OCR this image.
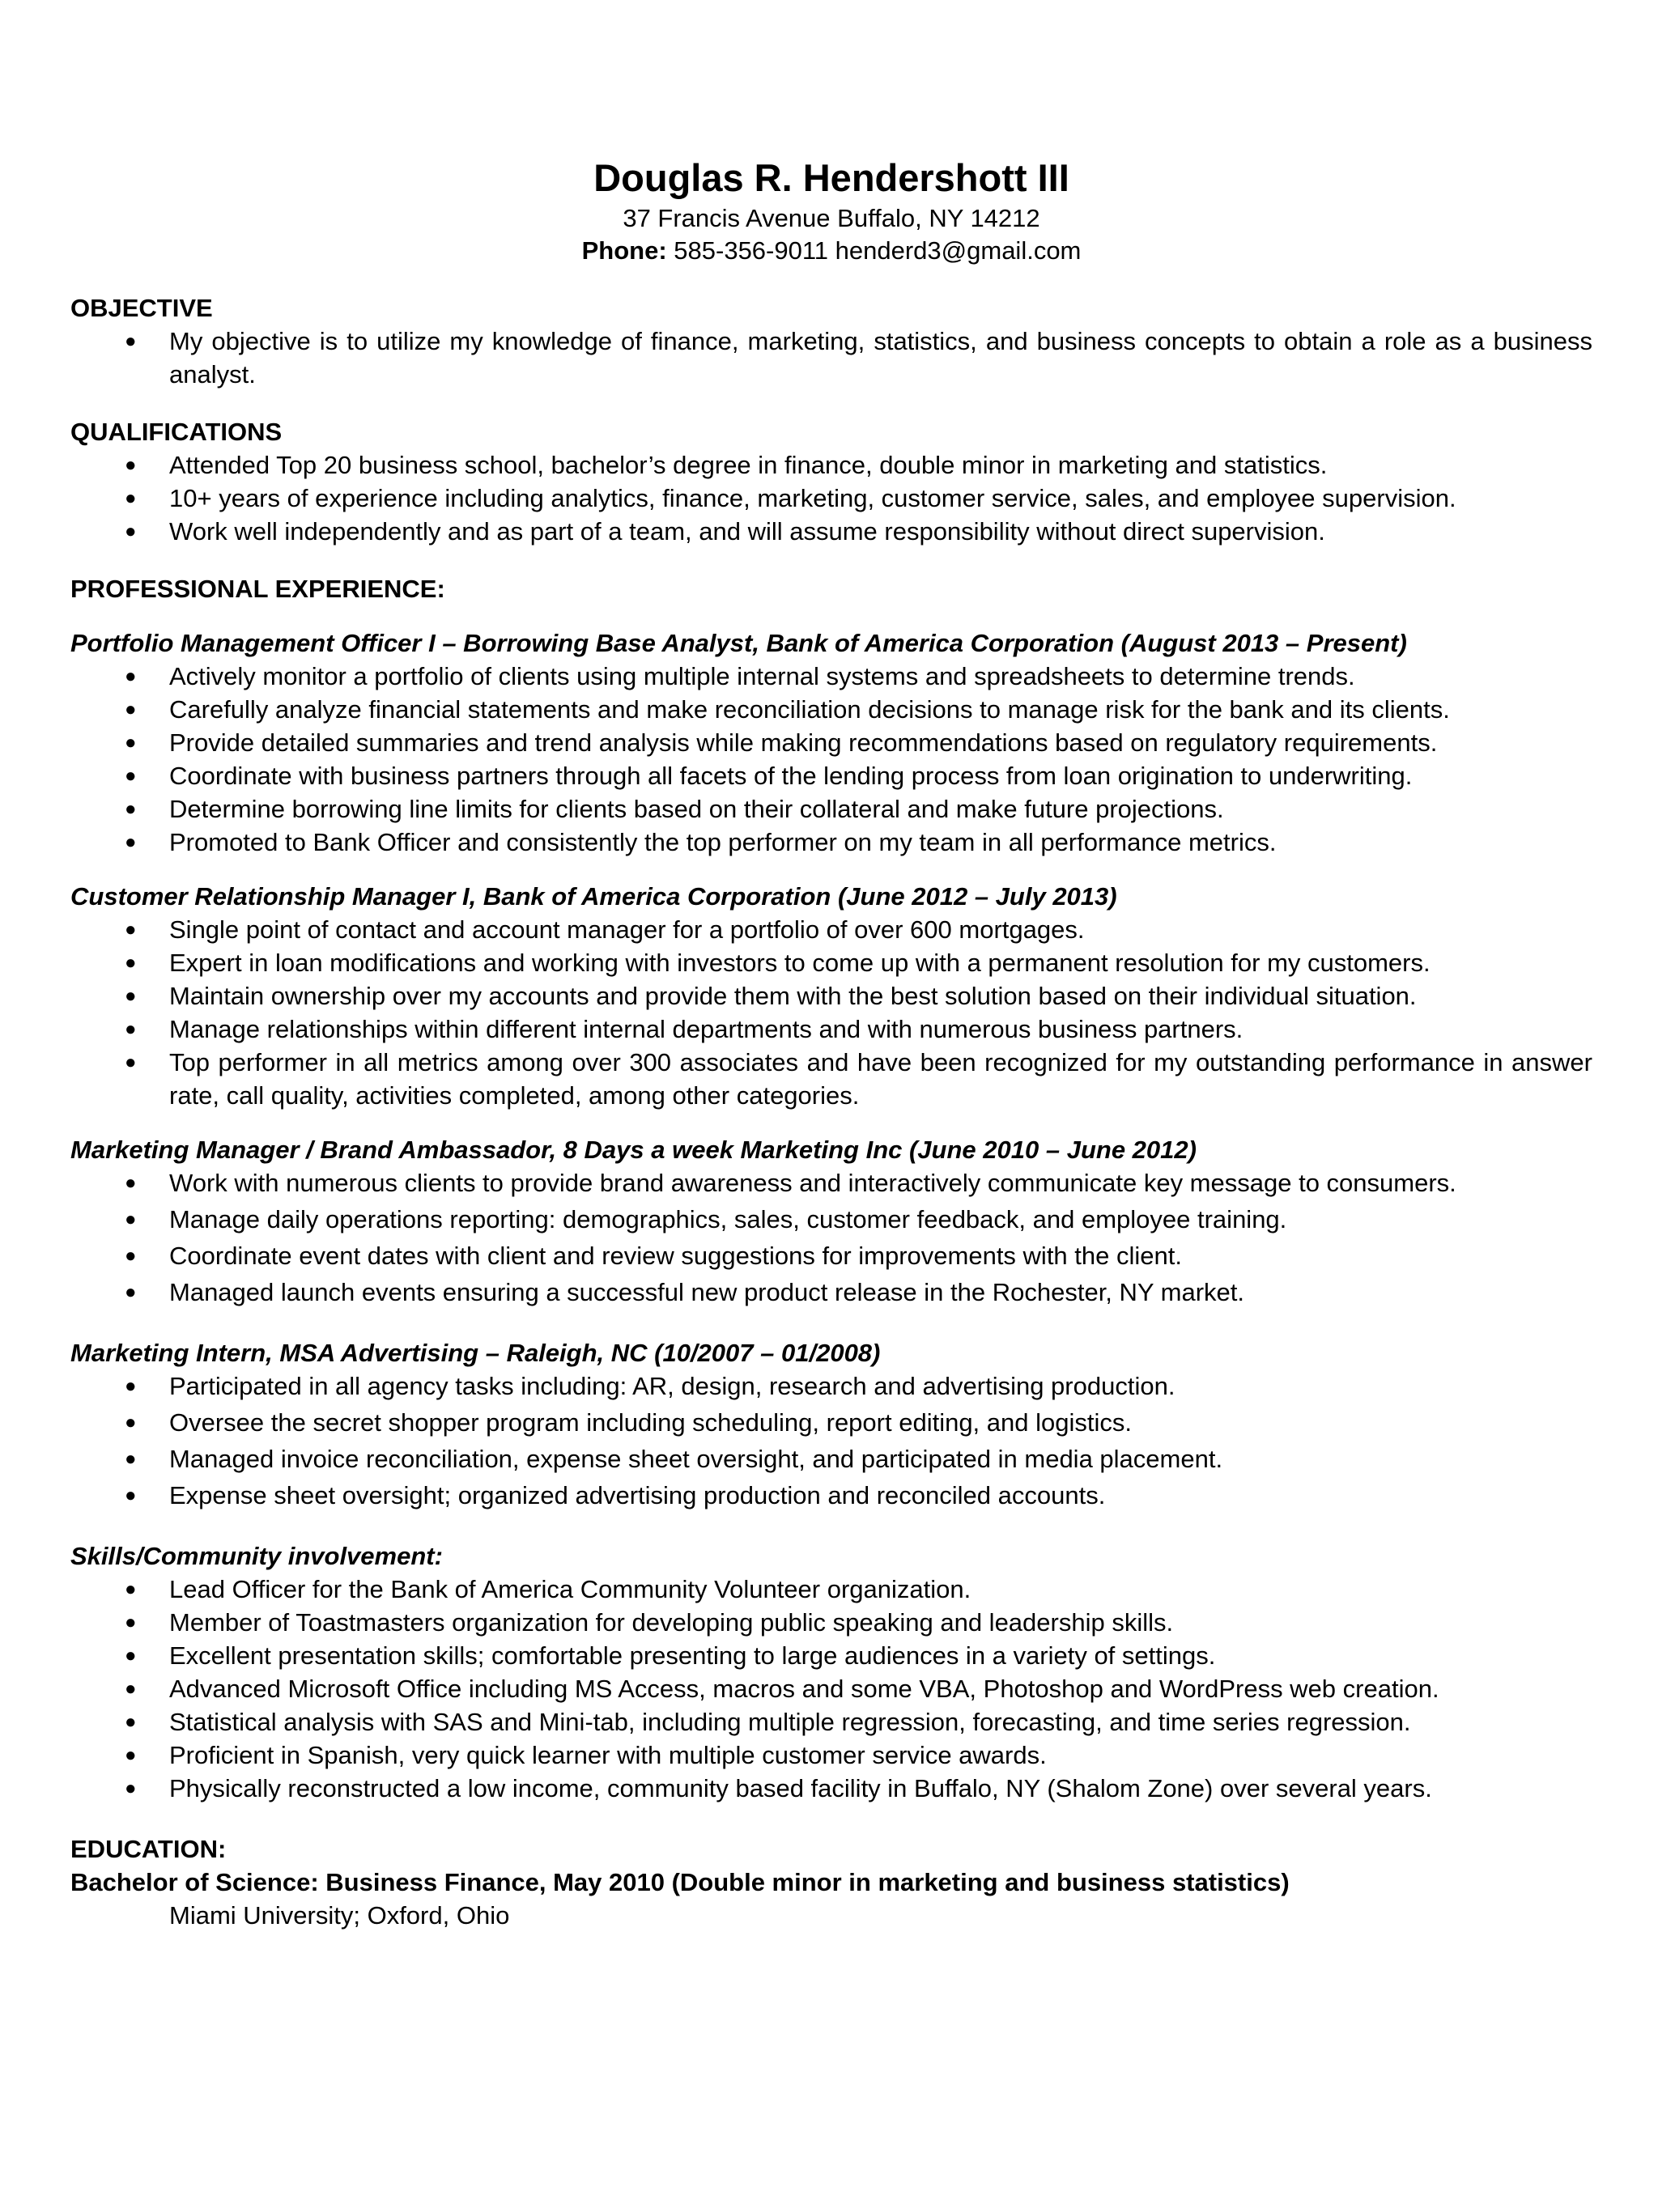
Douglas R. Hendershott III
37 Francis Avenue Buffalo, NY 14212
Phone: 585-356-9011 henderd3@gmail.com
OBJECTIVE
● My objective is to utilize my knowledge of finance, marketing, statistics, and business concepts to obtain a role as a business analyst.
QUALIFICATIONS
● Attended Top 20 business school, bachelor’s degree in finance, double minor in marketing and statistics.
● 10+ years of experience including analytics, finance, marketing, customer service, sales, and employee supervision.
● Work well independently and as part of a team, and will assume responsibility without direct supervision.
PROFESSIONAL EXPERIENCE:
Portfolio Management Officer I – Borrowing Base Analyst, Bank of America Corporation (August 2013 – Present)
● Actively monitor a portfolio of clients using multiple internal systems and spreadsheets to determine trends.
● Carefully analyze financial statements and make reconciliation decisions to manage risk for the bank and its clients.
● Provide detailed summaries and trend analysis while making recommendations based on regulatory requirements.
● Coordinate with business partners through all facets of the lending process from loan origination to underwriting.
● Determine borrowing line limits for clients based on their collateral and make future projections.
● Promoted to Bank Officer and consistently the top performer on my team in all performance metrics.
Customer Relationship Manager I, Bank of America Corporation (June 2012 – July 2013)
● Single point of contact and account manager for a portfolio of over 600 mortgages.
● Expert in loan modifications and working with investors to come up with a permanent resolution for my customers.
● Maintain ownership over my accounts and provide them with the best solution based on their individual situation.
● Manage relationships within different internal departments and with numerous business partners.
● Top performer in all metrics among over 300 associates and have been recognized for my outstanding performance in answer rate, call quality, activities completed, among other categories.
Marketing Manager / Brand Ambassador, 8 Days a week Marketing Inc (June 2010 – June 2012)
● Work with numerous clients to provide brand awareness and interactively communicate key message to consumers.
● Manage daily operations reporting: demographics, sales, customer feedback, and employee training.
● Coordinate event dates with client and review suggestions for improvements with the client.
● Managed launch events ensuring a successful new product release in the Rochester, NY market.
Marketing Intern, MSA Advertising – Raleigh, NC (10/2007 – 01/2008)
● Participated in all agency tasks including: AR, design, research and advertising production.
● Oversee the secret shopper program including scheduling, report editing, and logistics.
● Managed invoice reconciliation, expense sheet oversight, and participated in media placement.
● Expense sheet oversight; organized advertising production and reconciled accounts.
Skills/Community involvement:
● Lead Officer for the Bank of America Community Volunteer organization.
● Member of Toastmasters organization for developing public speaking and leadership skills.
● Excellent presentation skills; comfortable presenting to large audiences in a variety of settings.
● Advanced Microsoft Office including MS Access, macros and some VBA, Photoshop and WordPress web creation.
● Statistical analysis with SAS and Mini-tab, including multiple regression, forecasting, and time series regression.
● Proficient in Spanish, very quick learner with multiple customer service awards.
● Physically reconstructed a low income, community based facility in Buffalo, NY (Shalom Zone) over several years.
EDUCATION:
Bachelor of Science: Business Finance, May 2010 (Double minor in marketing and business statistics)
Miami University; Oxford, Ohio
